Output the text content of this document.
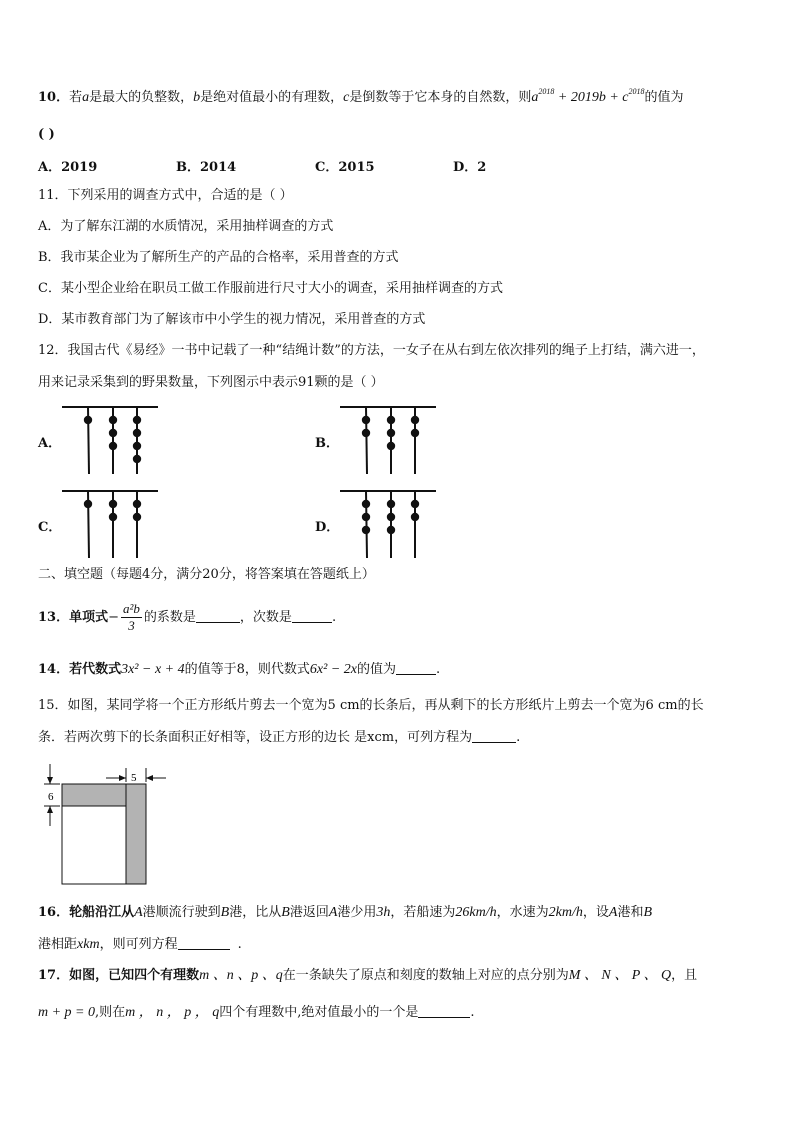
10．若a是最大的负整数，b是绝对值最小的有理数，c是倒数等于它本身的自然数，则$a^{2018} + 2019b + c^{2018}$的值为
( )
A．2019	B．2014	C．2015	D．2
11．下列采用的调查方式中，合适的是（ ）
A．为了解东江湖的水质情况，采用抽样调查的方式
B．我市某企业为了解所生产的产品的合格率，采用普查的方式
C．某小型企业给在职员工做工作服前进行尺寸大小的调查，采用抽样调查的方式
D．某市教育部门为了解该市中小学生的视力情况，采用普查的方式
12．我国古代《易经》一书中记载了一种“结绳计数”的方法，一女子在从右到左依次排列的绳子上打结，满六进一，
用来记录采集到的野果数量，下列图示中表示91颗的是（ ）
A．	B．
C．	D．
二、填空题（每题4分，满分20分，将答案填在答题纸上）
13．单项式− $\frac{\text{a²b}}{3}$ 的系数是	，次数是	.
14．若代数式3x² − x + 4的值等于8，则代数式6x² − 2x的值为	.
15．如图，某同学将一个正方形纸片剪去一个宽为5 cm的长条后，再从剩下的长方形纸片上剪去一个宽为6 cm的长
条．若两次剪下的长条面积正好相等，设正方形的边长 是xcm，可列方程为	.
5
6
16．轮船沿江从A港顺流行驶到B港，比从B港返回A港少用3h，若船速为26km/h，水速为2km/h，设A港和B
港相距xkm，则可列方程	.
17．如图，已知四个有理数m 、n 、p 、q在一条缺失了原点和刻度的数轴上对应的点分别为M 、 N 、 P 、 Q，且
m + p = 0,则在m ， n ， p ， q四个有理数中,绝对值最小的一个是	.
